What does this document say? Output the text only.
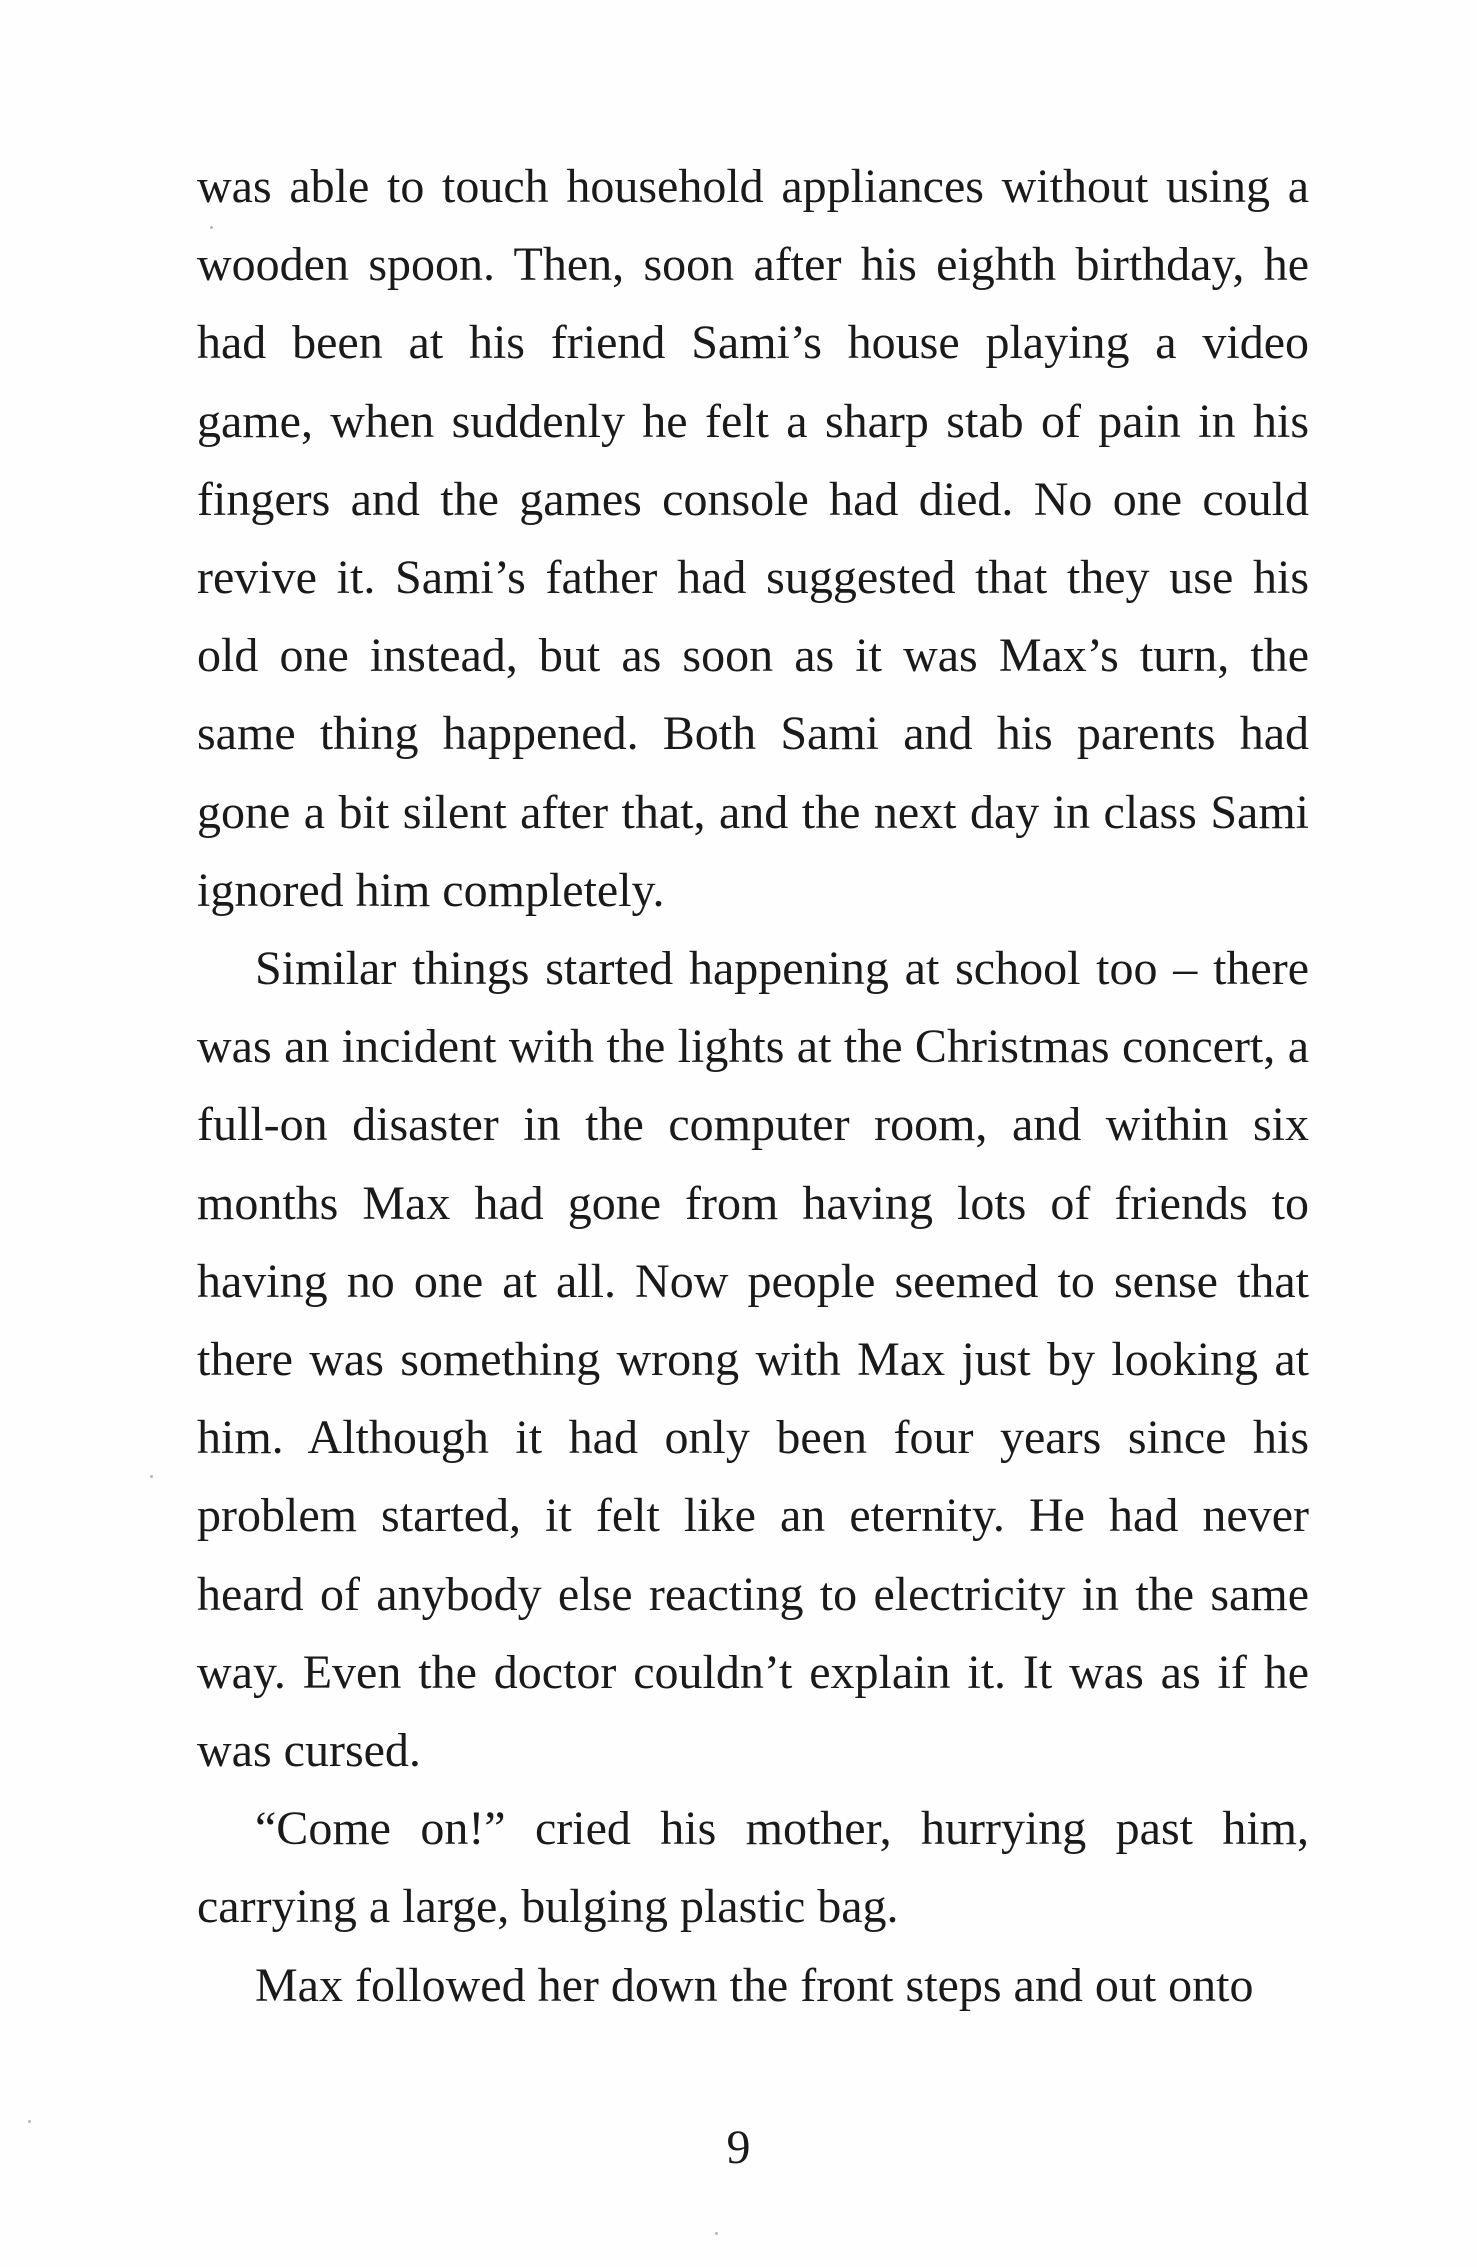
was able to touch household appliances without using a wooden spoon. Then, soon after his eighth birthday, he had been at his friend Sami’s house playing a video game, when suddenly he felt a sharp stab of pain in his fingers and the games console had died. No one could revive it. Sami’s father had suggested that they use his old one instead, but as soon as it was Max’s turn, the same thing happened. Both Sami and his parents had gone a bit silent after that, and the next day in class Sami ignored him completely.

Similar things started happening at school too – there was an incident with the lights at the Christmas concert, a full-on disaster in the computer room, and within six months Max had gone from having lots of friends to having no one at all. Now people seemed to sense that there was something wrong with Max just by looking at him. Although it had only been four years since his problem started, it felt like an eternity. He had never heard of anybody else reacting to electricity in the same way. Even the doctor couldn’t explain it. It was as if he was cursed.

“Come on!” cried his mother, hurrying past him, carrying a large, bulging plastic bag.

Max followed her down the front steps and out onto

9
